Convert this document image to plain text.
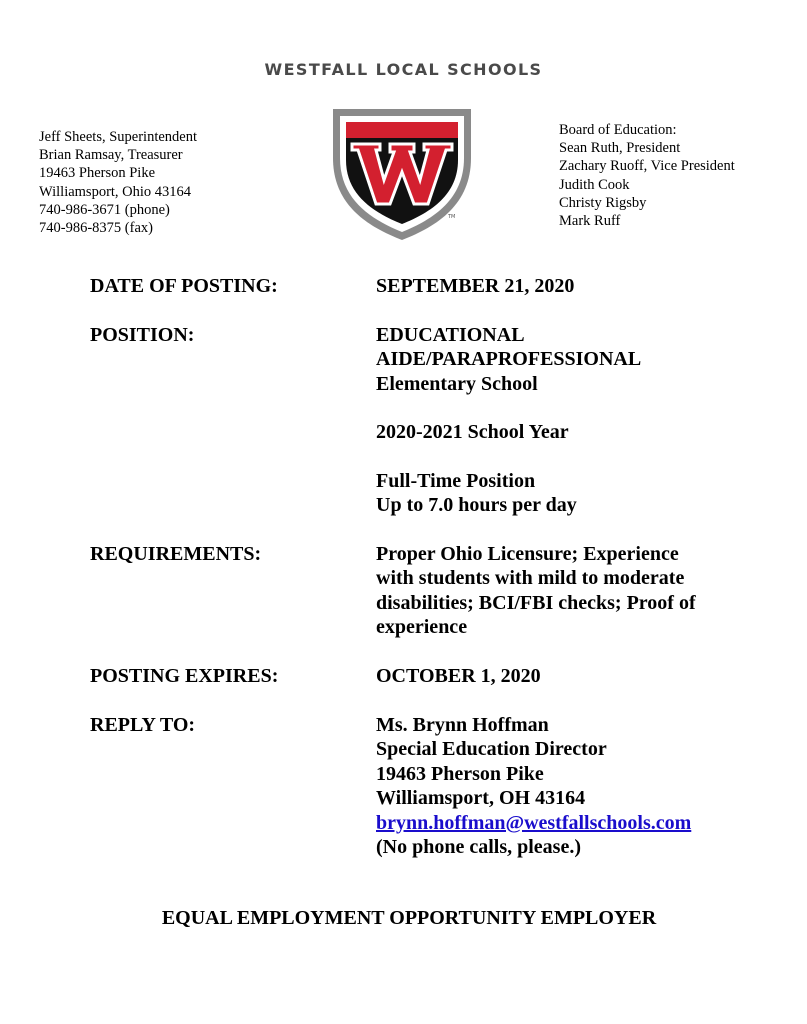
WESTFALL LOCAL SCHOOLS
Jeff Sheets, Superintendent
Brian Ramsay, Treasurer
19463 Pherson Pike
Williamsport, Ohio 43164
740-986-3671 (phone)
740-986-8375 (fax)
TM
Board of Education:
Sean Ruth, President
Zachary Ruoff, Vice President
Judith Cook
Christy Rigsby
Mark Ruff
DATE OF POSTING:	SEPTEMBER 21, 2020
POSITION:	EDUCATIONAL
AIDE/PARAPROFESSIONAL
Elementary School
2020-2021 School Year
Full-Time Position
Up to 7.0 hours per day
REQUIREMENTS:	Proper Ohio Licensure; Experience
with students with mild to moderate
disabilities; BCI/FBI checks; Proof of
experience
POSTING EXPIRES:	OCTOBER 1, 2020
REPLY TO:	Ms. Brynn Hoffman
Special Education Director
19463 Pherson Pike
Williamsport, OH 43164
brynn.hoffman@westfallschools.com
(No phone calls, please.)
EQUAL EMPLOYMENT OPPORTUNITY EMPLOYER
